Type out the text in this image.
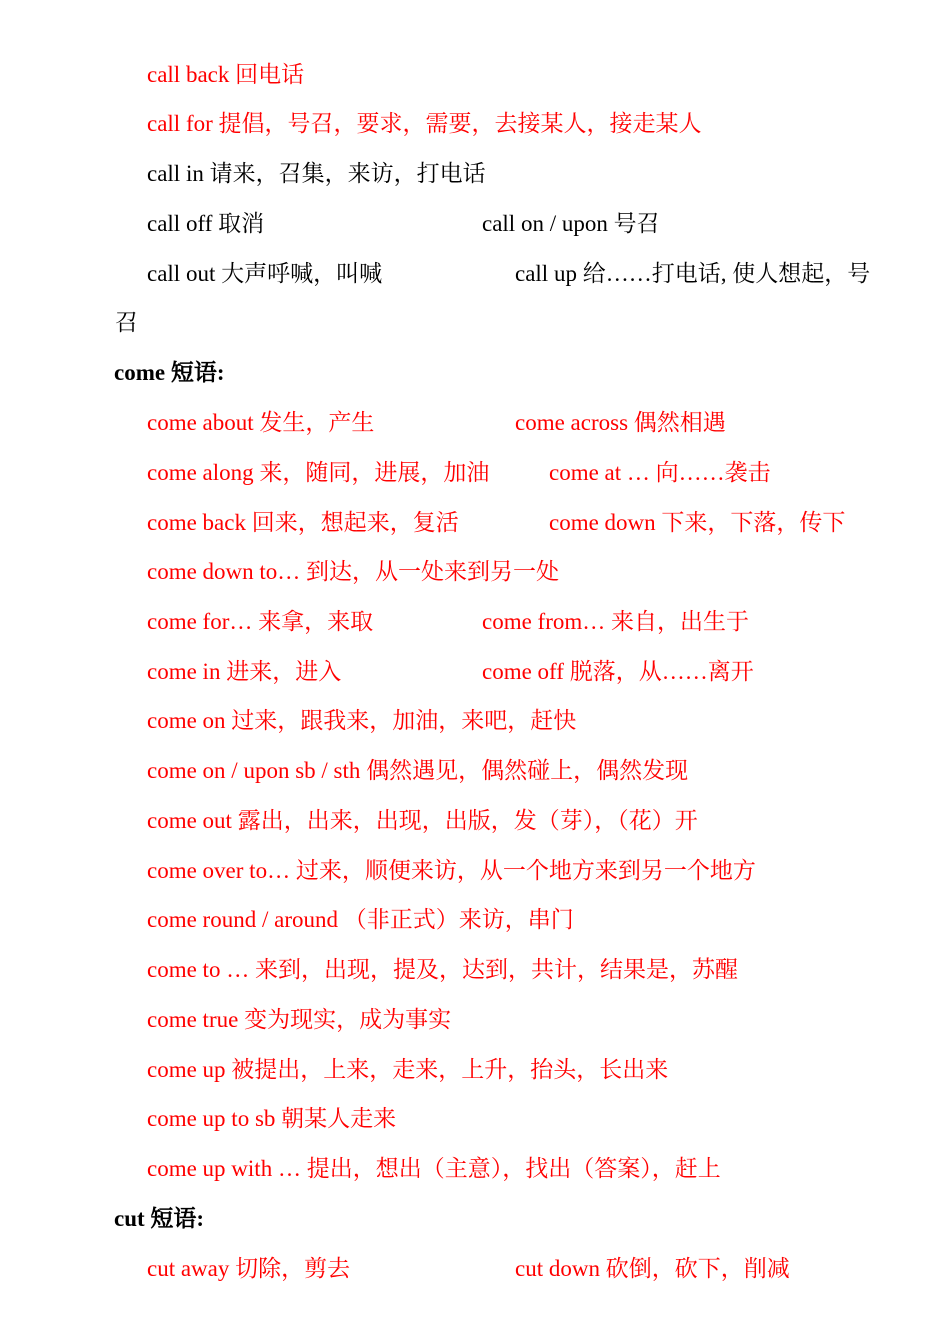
call back 回电话
call for 提倡，号召，要求，需要，去接某人，接走某人
call in 请来，召集，来访，打电话
call off 取消	call on / upon 号召
call out 大声呼喊，叫喊	call up 给……打电话, 使人想起，号
召
come 短语:
come about 发生，产生	come across 偶然相遇
come along 来，随同，进展，加油	come at … 向……袭击
come back 回来，想起来，复活	come down 下来，下落，传下
come down to… 到达，从一处来到另一处
come for… 来拿，来取	come from… 来自，出生于
come in 进来，进入	come off 脱落，从……离开
come on 过来，跟我来，加油，来吧，赶快
come on / upon sb / sth 偶然遇见，偶然碰上，偶然发现
come out 露出，出来，出现，出版，发（芽），（花）开
come over to… 过来，顺便来访，从一个地方来到另一个地方
come round / around （非正式）来访，串门
come to … 来到，出现，提及，达到，共计，结果是，苏醒
come true 变为现实，成为事实
come up 被提出，上来，走来，上升，抬头，长出来
come up to sb 朝某人走来
come up with … 提出，想出（主意），找出（答案），赶上
cut 短语:
cut away 切除，剪去	cut down 砍倒，砍下，削减
